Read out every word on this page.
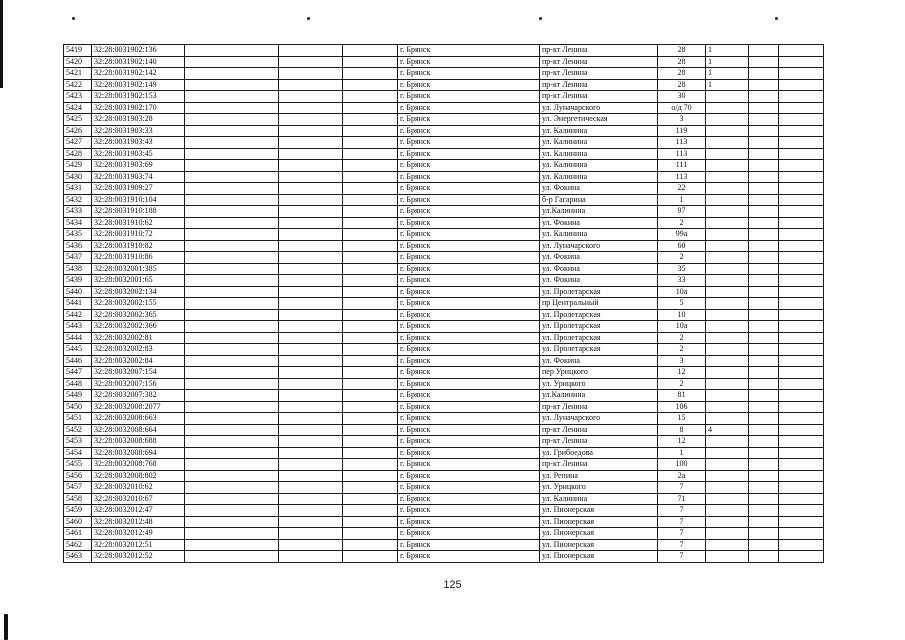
5419	32:28:0031902:136				г. Брянск	пр-кт Ленина	28	1		
5420	32:28:0031902:140				г. Брянск	пр-кт Ленина	28	1		
5421	32:28:0031902:142				г. Брянск	пр-кт Ленина	28	1		
5422	32:28:0031902:149				г. Брянск	пр-кт Ленина	28	1		
5423	32:28:0031902:153				г. Брянск	пр-кт Ленина	30			
5424	32:28:0031902:170				г. Брянск	ул. Луначарского	о/д 70			
5425	32:28:0031903:28				г. Брянск	ул. Энергетическая	3			
5426	32:28:0031903:33				г. Брянск	ул. Калинина	119			
5427	32:28:0031903:43				г. Брянск	ул. Калинина	113			
5428	32:28:0031903:45				г. Брянск	ул. Калинина	113			
5429	32:28:0031903:69				г. Брянск	ул. Калинина	111			
5430	32:28:0031903:74				г. Брянск	ул. Калинина	113			
5431	32:28:0031909:27				г. Брянск	ул. Фокина	22			
5432	32:28:0031910:104				г. Брянск	б-р Гагарина	1			
5433	32:28:0031910:188				г. Брянск	ул.Калинина	97			
5434	32:28:0031910:62				г. Брянск	ул. Фокина	2			
5435	32:28:0031910:72				г. Брянск	ул. Калинина	99а			
5436	32:28:0031910:82				г. Брянск	ул. Луначарского	60			
5437	32:28:0031910:86				г. Брянск	ул. Фокина	2			
5438	32:28:0032001:385				г. Брянск	ул. Фокина	35			
5439	32:28:0032001:65				г. Брянск	ул. Фокина	33			
5440	32:28:0032002:134				г. Брянск	ул. Пролетарская	10а			
5441	32:28:0032002:155				г. Брянск	пр Центральный	5			
5442	32:28:0032002:365				г. Брянск	ул. Пролетарская	10			
5443	32:28:0032002:366				г. Брянск	ул. Пролетарская	10а			
5444	32:28:0032002:81				г. Брянск	ул. Пролетарская	2			
5445	32:28:0032002:83				г. Брянск	ул. Пролетарская	2			
5446	32:28:0032002:84				г. Брянск	ул. Фокина	3			
5447	32:28:0032007:154				г. Брянск	пер Урицкого	12			
5448	32:28:0032007:156				г. Брянск	ул. Урицкого	2			
5449	32:28:0032007:382				г. Брянск	ул.Калинина	81			
5450	32:28:0032008:2077				г. Брянск	пр-кт Ленина	106			
5451	32:28:0032008:663				г. Брянск	ул. Луначарского	15			
5452	32:28:0032008:664				г. Брянск	пр-кт Ленина	8	4		
5453	32:28:0032008:688				г. Брянск	пр-кт Ленина	12			
5454	32:28:0032008:694				г. Брянск	ул. Грибоедова	1			
5455	32:28:0032008:768				г. Брянск	пр-кт Ленина	100			
5456	32:28:0032008:802				г. Брянск	ул. Репина	2а			
5457	32:28:0032010:62				г. Брянск	ул. Урицкого	7			
5458	32:28:0032010:67				г. Брянск	ул. Калинина	71			
5459	32:28:0032012:47				г. Брянск	ул. Пионерская	7			
5460	32:28:0032012:48				г. Брянск	ул. Пионерская	7			
5461	32:28:0032012:49				г. Брянск	ул. Пионерская	7			
5462	32:28:0032012:51				г. Брянск	ул. Пионерская	7			
5463	32:28:0032012:52				г. Брянск	ул. Пионерская	7			
125
